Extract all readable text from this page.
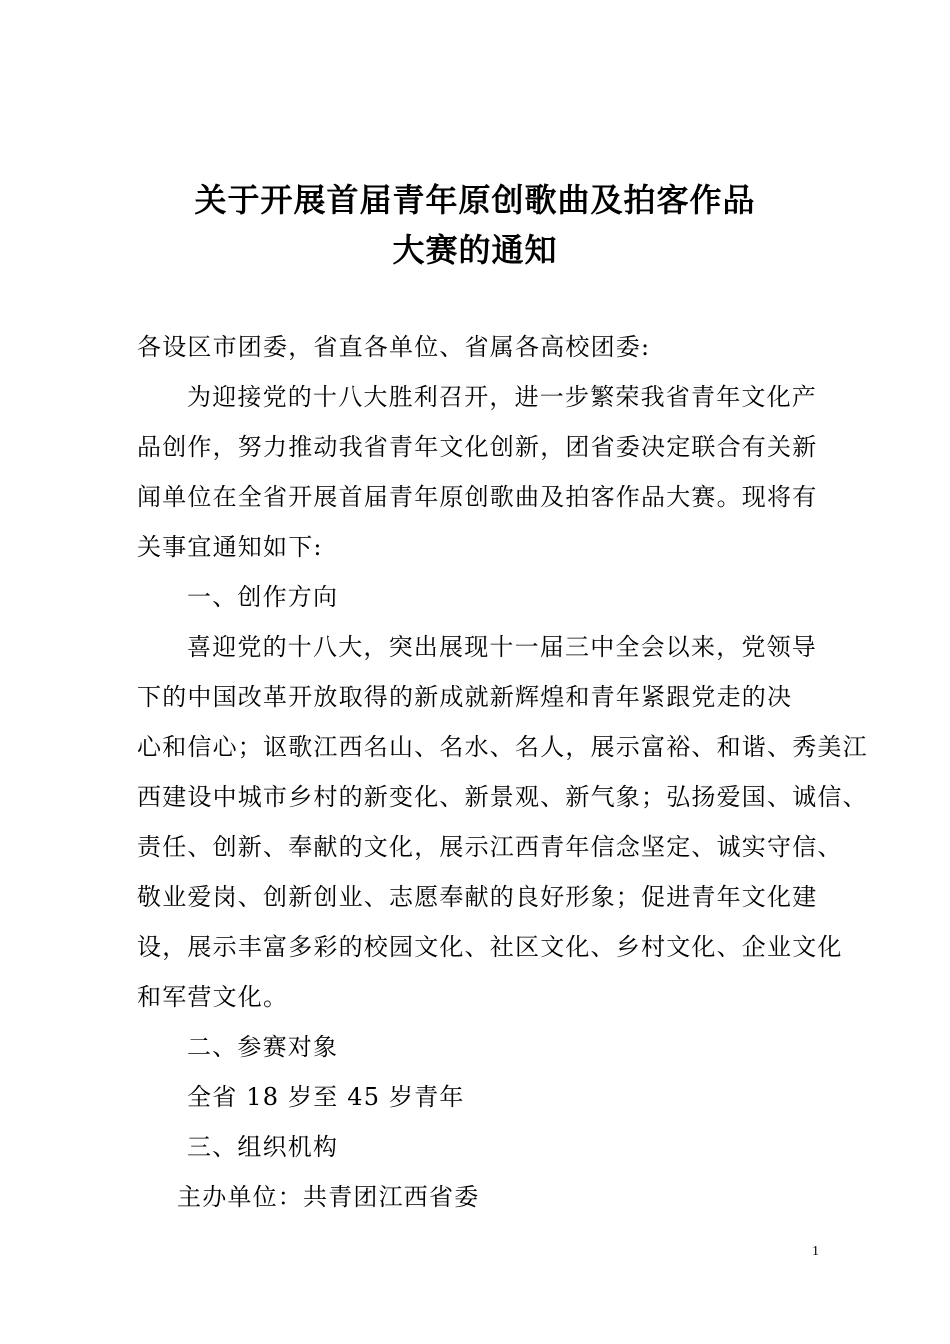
关于开展首届青年原创歌曲及拍客作品
大赛的通知
各设区市团委，省直各单位、省属各高校团委:
为迎接党的十八大胜利召开，进一步繁荣我省青年文化产
品创作，努力推动我省青年文化创新，团省委决定联合有关新
闻单位在全省开展首届青年原创歌曲及拍客作品大赛。现将有
关事宜通知如下:
一、创作方向
喜迎党的十八大，突出展现十一届三中全会以来，党领导
下的中国改革开放取得的新成就新辉煌和青年紧跟党走的决
心和信心；讴歌江西名山、名水、名人，展示富裕、和谐、秀美江
西建设中城市乡村的新变化、新景观、新气象；弘扬爱国、诚信、
责任、创新、奉献的文化，展示江西青年信念坚定、诚实守信、
敬业爱岗、创新创业、志愿奉献的良好形象；促进青年文化建
设，展示丰富多彩的校园文化、社区文化、乡村文化、企业文化
和军营文化。
二、参赛对象
全省 18 岁至 45 岁青年
三、组织机构
主办单位：共青团江西省委
1
